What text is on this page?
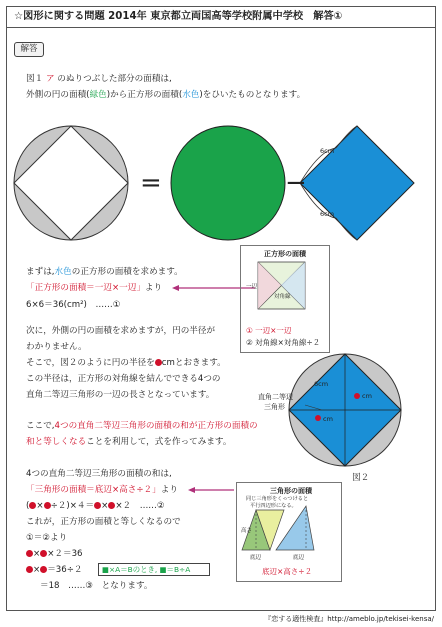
☆図形に関する問題 2014年 東京都立両国高等学校附属中学校　解答①
解答
図１ ア のぬりつぶした部分の面積は,
外側の円の面積(緑色)から正方形の面積(水色)をひいたものとなります。
6cm
6cm
=	−
まずは,水色の正方形の面積を求めます。
「正方形の面積＝一辺×一辺」より
6×6＝36(cm²)　……①
正方形の面積
一辺
対角線
① 一辺×一辺
② 対角線×対角線÷２
次に，外側の円の面積を求めますが，円の半径が
わかりません。
そこで，図２のように円の半径を cmとおきます。
この半径は，正方形の対角線を結んでできる4つの
直角二等辺三角形の一辺の長さとなっています。	直角二等辺
三角形
6cm
cm
cm
図２
ここで,4つの直角二等辺三角形の面積の和が正方形の面積の
和と等しくなることを利用して，式を作ってみます。
4つの直角二等辺三角形の面積の和は,
「三角形の面積＝底辺×高さ÷２」より
( × ÷２)×４＝ × ×２　……②
これが，正方形の面積と等しくなるので
①＝②より
× ×２＝36
× ＝36÷２
＝18　……③　となります。
■×A＝Bのとき, ■＝B÷A
三角形の面積
同じ三角形をくっつけると
平行四辺形になる。
高さ
底辺	底辺
底辺×高さ÷２
『恋する適性検査』http://ameblo.jp/tekisei-kensa/
